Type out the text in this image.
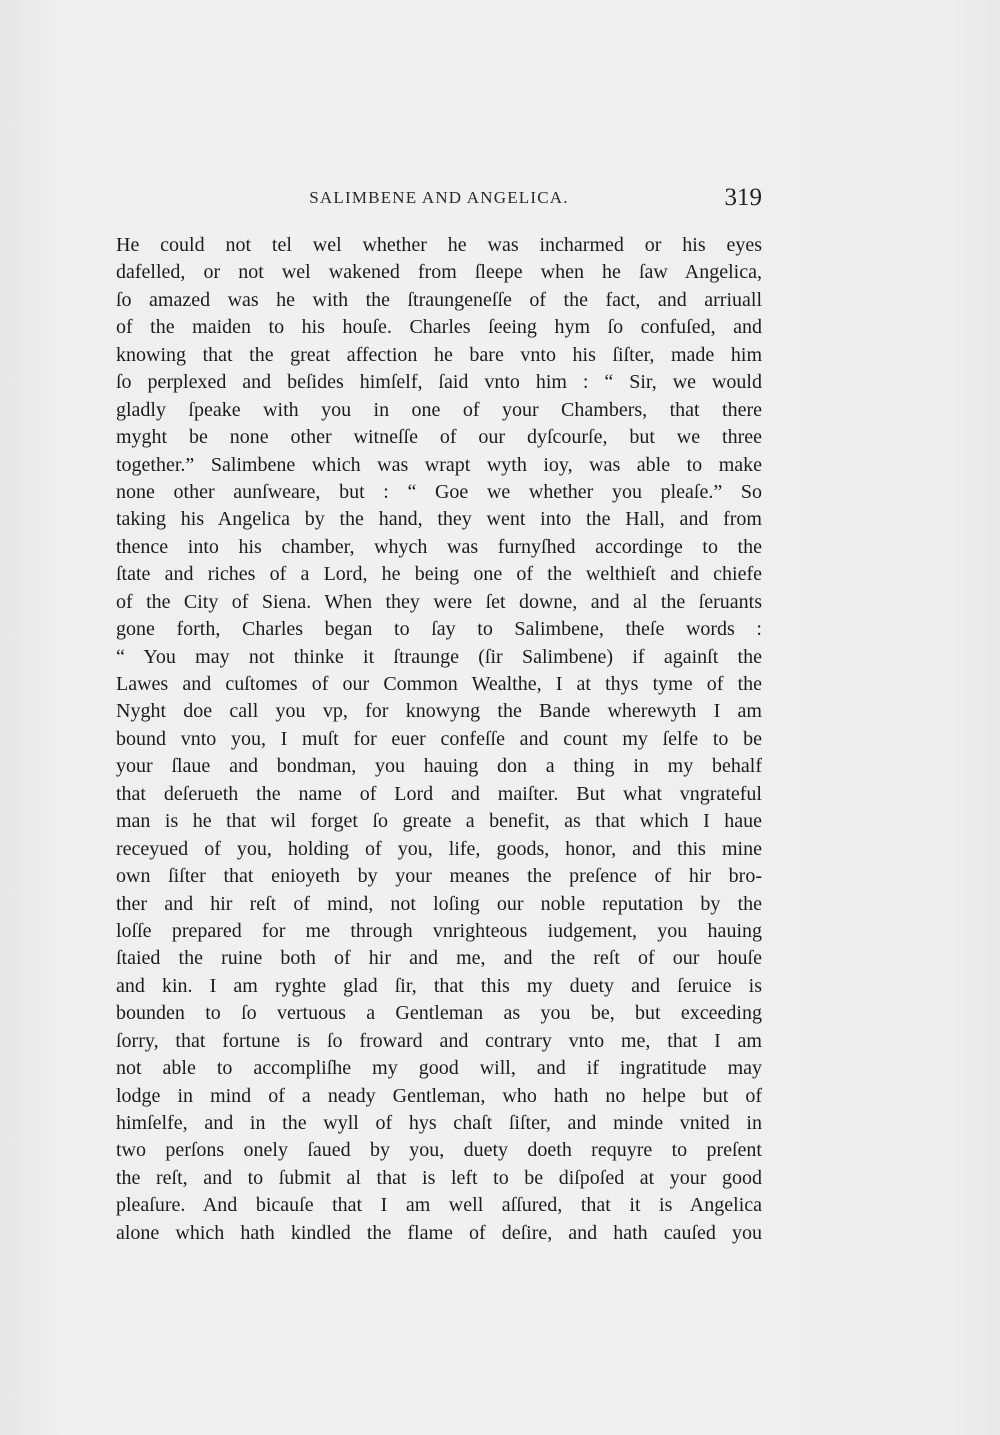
SALIMBENE AND ANGELICA.	319
He could not tel wel whether he was incharmed or his eyes
dafelled, or not wel wakened from ſleepe when he ſaw Angelica,
ſo amazed was he with the ſtraungeneſſe of the fact, and arriuall
of the maiden to his houſe. Charles ſeeing hym ſo confuſed, and
knowing that the great affection he bare vnto his ſiſter, made him
ſo perplexed and beſides himſelf, ſaid vnto him : “ Sir, we would
gladly ſpeake with you in one of your Chambers, that there
myght be none other witneſſe of our dyſcourſe, but we three
together.” Salimbene which was wrapt wyth ioy, was able to make
none other aunſweare, but : “ Goe we whether you pleaſe.” So
taking his Angelica by the hand, they went into the Hall, and from
thence into his chamber, whych was furnyſhed accordinge to the
ſtate and riches of a Lord, he being one of the welthieſt and chiefe
of the City of Siena. When they were ſet downe, and al the ſeruants
gone forth, Charles began to ſay to Salimbene, theſe words :
“ You may not thinke it ſtraunge (ſir Salimbene) if againſt the
Lawes and cuſtomes of our Common Wealthe, I at thys tyme of the
Nyght doe call you vp, for knowyng the Bande wherewyth I am
bound vnto you, I muſt for euer confeſſe and count my ſelfe to be
your ſlaue and bondman, you hauing don a thing in my behalf
that deſerueth the name of Lord and maiſter. But what vngrateful
man is he that wil forget ſo greate a benefit, as that which I haue
receyued of you, holding of you, life, goods, honor, and this mine
own ſiſter that enioyeth by your meanes the preſence of hir bro-
ther and hir reſt of mind, not loſing our noble reputation by the
loſſe prepared for me through vnrighteous iudgement, you hauing
ſtaied the ruine both of hir and me, and the reſt of our houſe
and kin. I am ryghte glad ſir, that this my duety and ſeruice is
bounden to ſo vertuous a Gentleman as you be, but exceeding
ſorry, that fortune is ſo froward and contrary vnto me, that I am
not able to accompliſhe my good will, and if ingratitude may
lodge in mind of a neady Gentleman, who hath no helpe but of
himſelfe, and in the wyll of hys chaſt ſiſter, and minde vnited in
two perſons onely ſaued by you, duety doeth requyre to preſent
the reſt, and to ſubmit al that is left to be diſpoſed at your good
pleaſure. And bicauſe that I am well aſſured, that it is Angelica
alone which hath kindled the flame of deſire, and hath cauſed you
